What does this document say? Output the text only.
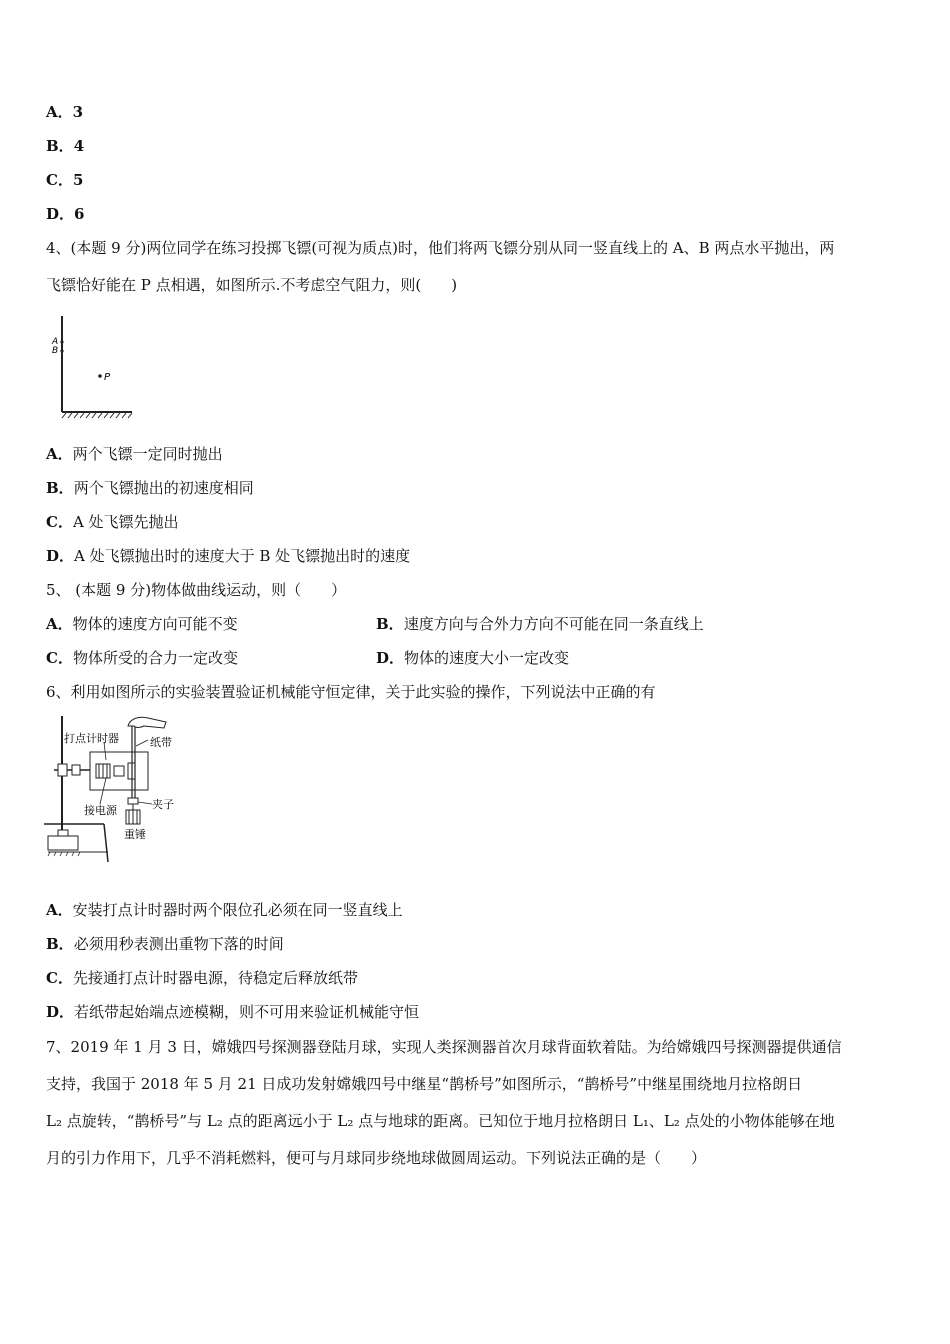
A．3
B．4
C．5
D．6
4、(本题 9 分)两位同学在练习投掷飞镖(可视为质点)时，他们将两飞镖分别从同一竖直线上的 A、B 两点水平抛出，两
飞镖恰好能在 P 点相遇，如图所示.不考虑空气阻力，则(　　)
A
B
P
A．两个飞镖一定同时抛出
B．两个飞镖抛出的初速度相同
C．A 处飞镖先抛出
D．A 处飞镖抛出时的速度大于 B 处飞镖抛出时的速度
5、 (本题 9 分)物体做曲线运动，则（　　）
A．物体的速度方向可能不变	B．速度方向与合外力方向不可能在同一条直线上
C．物体所受的合力一定改变	D．物体的速度大小一定改变
6、利用如图所示的实验装置验证机械能守恒定律，关于此实验的操作，下列说法中正确的有
打点计时器	纸带
接电源	夹子
重锤
A．安装打点计时器时两个限位孔必须在同一竖直线上
B．必须用秒表测出重物下落的时间
C．先接通打点计时器电源，待稳定后释放纸带
D．若纸带起始端点迹模糊，则不可用来验证机械能守恒
7、2019 年 1 月 3 日，嫦娥四号探测器登陆月球，实现人类探测器首次月球背面软着陆。为给嫦娥四号探测器提供通信
支持，我国于 2018 年 5 月 21 日成功发射嫦娥四号中继星“鹊桥号”如图所示，“鹊桥号”中继星围绕地月拉格朗日
L₂ 点旋转，“鹊桥号”与 L₂ 点的距离远小于 L₂ 点与地球的距离。已知位于地月拉格朗日 L₁、L₂ 点处的小物体能够在地
月的引力作用下，几乎不消耗燃料，便可与月球同步绕地球做圆周运动。下列说法正确的是（　　）
